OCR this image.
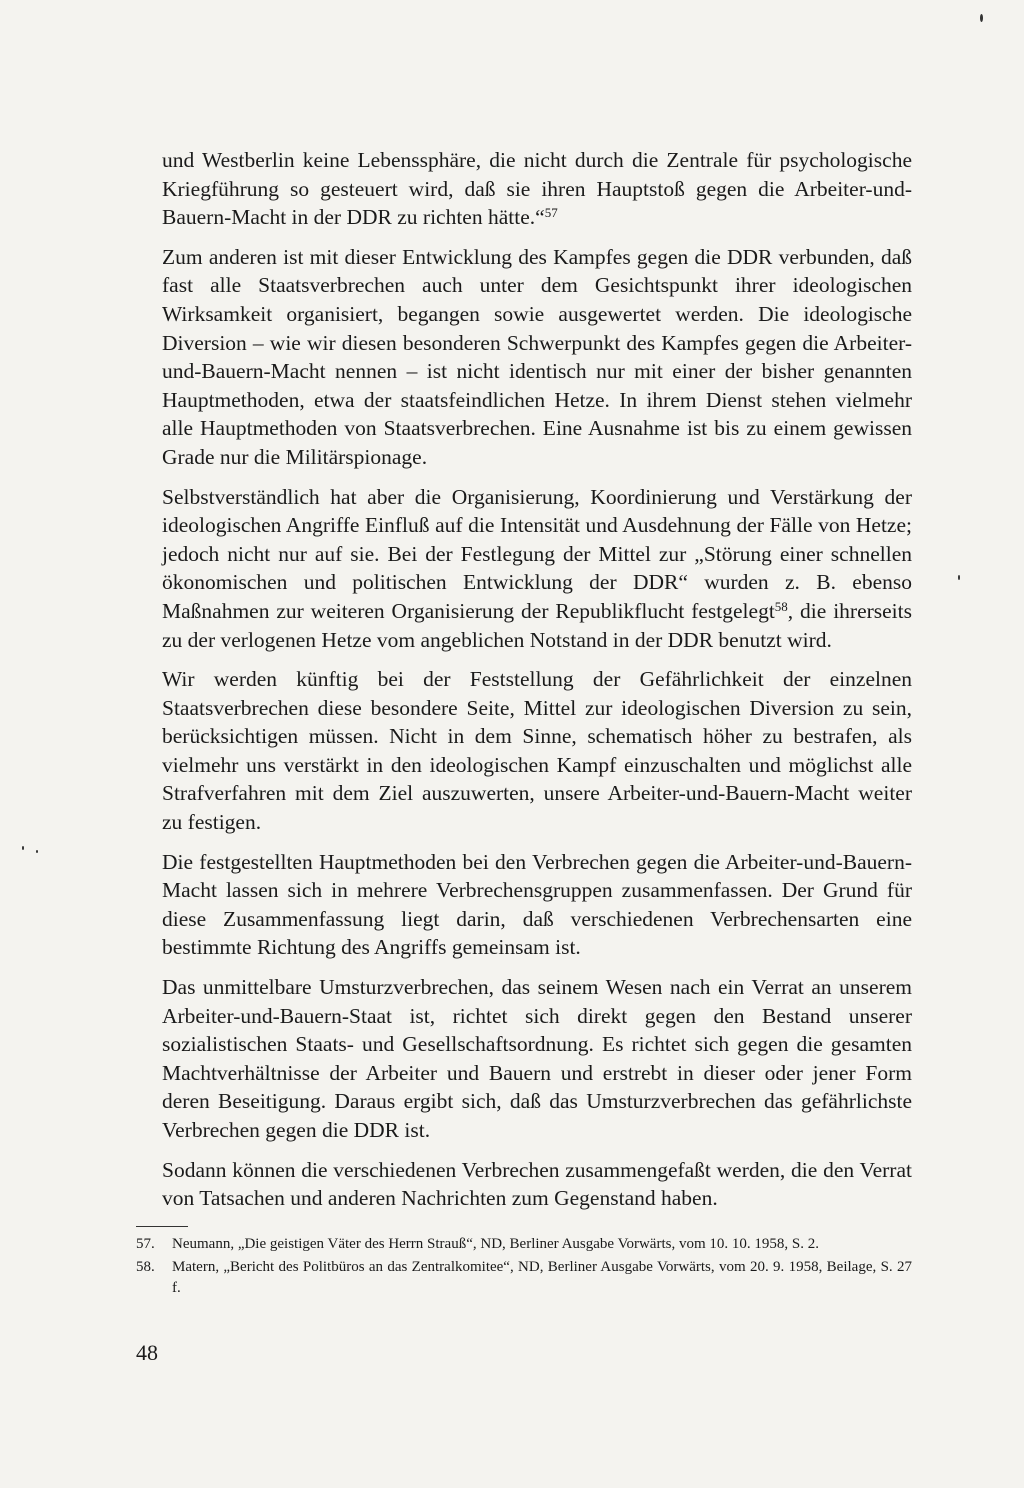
und Westberlin keine Lebenssphäre, die nicht durch die Zentrale für psychologische Kriegführung so gesteuert wird, daß sie ihren Hauptstoß gegen die Arbeiter-und-Bauern-Macht in der DDR zu richten hätte.“$^{57}$

Zum anderen ist mit dieser Entwicklung des Kampfes gegen die DDR verbunden, daß fast alle Staatsverbrechen auch unter dem Gesichtspunkt ihrer ideologischen Wirksamkeit organisiert, begangen sowie ausgewertet werden. Die ideologische Diversion – wie wir diesen besonderen Schwerpunkt des Kampfes gegen die Arbeiter-und-Bauern-Macht nennen – ist nicht identisch nur mit einer der bisher genannten Hauptmethoden, etwa der staatsfeindlichen Hetze. In ihrem Dienst stehen vielmehr alle Hauptmethoden von Staatsverbrechen. Eine Ausnahme ist bis zu einem gewissen Grade nur die Militärspionage.

Selbstverständlich hat aber die Organisierung, Koordinierung und Verstärkung der ideologischen Angriffe Einfluß auf die Intensität und Ausdehnung der Fälle von Hetze; jedoch nicht nur auf sie. Bei der Festlegung der Mittel zur „Störung einer schnellen ökonomischen und politischen Entwicklung der DDR“ wurden z. B. ebenso Maßnahmen zur weiteren Organisierung der Republikflucht festgelegt$^{58}$, die ihrerseits zu der verlogenen Hetze vom angeblichen Notstand in der DDR benutzt wird.

Wir werden künftig bei der Feststellung der Gefährlichkeit der einzelnen Staatsverbrechen diese besondere Seite, Mittel zur ideologischen Diversion zu sein, berücksichtigen müssen. Nicht in dem Sinne, schematisch höher zu bestrafen, als vielmehr uns verstärkt in den ideologischen Kampf einzuschalten und möglichst alle Strafverfahren mit dem Ziel auszuwerten, unsere Arbeiter-und-Bauern-Macht weiter zu festigen.

Die festgestellten Hauptmethoden bei den Verbrechen gegen die Arbeiter-und-Bauern-Macht lassen sich in mehrere Verbrechensgruppen zusammenfassen. Der Grund für diese Zusammenfassung liegt darin, daß verschiedenen Verbrechensarten eine bestimmte Richtung des Angriffs gemeinsam ist.

Das unmittelbare Umsturzverbrechen, das seinem Wesen nach ein Verrat an unserem Arbeiter-und-Bauern-Staat ist, richtet sich direkt gegen den Bestand unserer sozialistischen Staats- und Gesellschaftsordnung. Es richtet sich gegen die gesamten Machtverhältnisse der Arbeiter und Bauern und erstrebt in dieser oder jener Form deren Beseitigung. Daraus ergibt sich, daß das Umsturzverbrechen das gefährlichste Verbrechen gegen die DDR ist.

Sodann können die verschiedenen Verbrechen zusammengefaßt werden, die den Verrat von Tatsachen und anderen Nachrichten zum Gegenstand haben.

57.	Neumann, „Die geistigen Väter des Herrn Strauß“, ND, Berliner Ausgabe Vorwärts, vom 10. 10. 1958, S. 2.
58.	Matern, „Bericht des Politbüros an das Zentralkomitee“, ND, Berliner Ausgabe Vorwärts, vom 20. 9. 1958, Beilage, S. 27 f.
48
